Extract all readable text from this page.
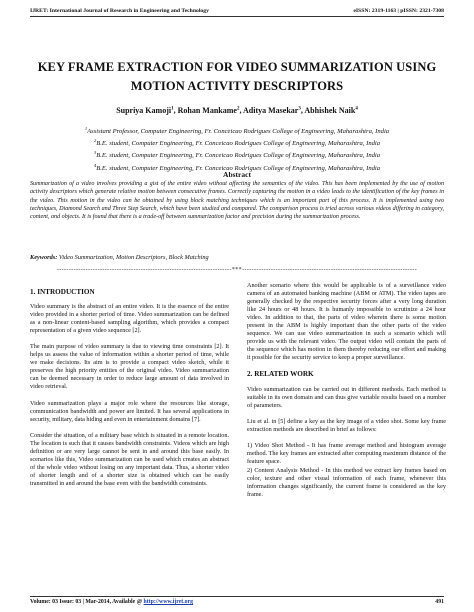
IJRET: International Journal of Research in Engineering and Technology	eISSN: 2319-1163 | pISSN: 2321-7308
KEY FRAME EXTRACTION FOR VIDEO SUMMARIZATION USING
MOTION ACTIVITY DESCRIPTORS
Supriya Kamoji$^1$, Rohan Mankame$^2$, Aditya Masekar$^3$, Abhishek Naik$^4$
$^1$Assistant Professor, Computer Engineering, Fr. Conceicao Rodrigues College of Engineering, Maharashtra, India
$^2$B.E. student, Computer Engineering, Fr. Conceicao Rodrigues College of Engineering, Maharashtra, India
$^3$B.E. student, Computer Engineering, Fr. Conceicao Rodrigues College of Engineering, Maharashtra, India
$^4$B.E. student, Computer Engineering, Fr. Conceicao Rodrigues College of Engineering, Maharashtra, India
Abstract
Summarization of a video involves providing a gist of the entire video without affecting the semantics of the video. This has been implemented by the use of motion activity descriptors which generate relative motion between consecutive frames. Correctly capturing the motion in a video leads to the identification of the key frames in the video. This motion in the video can be obtained by using block matching techniques which is an important part of this process. It is implemented using two techniques, Diamond Search and Three Step Search, which have been studied and compared. The comparison process is tried across various videos differing in category, content, and objects. It is found that there is a trade-off between summarization factor and precision during the summarization process.
Keywords: Video Summarization, Motion Descriptors, Block Matching
-------------------------------------------------------------------------***-------------------------------------------------------------------------
1. INTRODUCTION

Video summary is the abstract of an entire video. It is the essence of the entire video provided in a shorter period of time. Video summarization can be defined as a non-linear content-based sampling algorithm, which provides a compact representation of a given video sequence [2].

The main purpose of video summary is due to viewing time constraints [2]. It helps us assess the value of information within a shorter period of time, while we make decisions. Its aim is to provide a compact video sketch, while it preserves the high priority entities of the original video. Video summarization can be deemed necessary in order to reduce large amount of data involved in video retrieval.

Video summarization plays a major role where the resources like storage, communication bandwidth and power are limited. It has several applications in security, military, data hiding and even in entertainment domains [7].

Consider the situation, of a military base which is situated in a remote location. The location is such that it causes bandwidth constraints. Videos which are high definition or are very large cannot be sent in and around this base easily. In scenarios like this, Video summarization can be used which creates an abstract of the whole video without losing on any important data. Thus, a shorter video of shorter length and of a shorter size is obtained which can be easily transmitted in and around the base even with the bandwidth constraints.

Another scenario where this would be applicable is of a surveillance video camera of an automated banking machine (ABM or ATM). The video tapes are generally checked by the respective security forces after a very long duration like 24 hours or 48 hours. It is humanly impossible to scrutinize a 24 hour video. In addition to that, the parts of video wherein there is some motion present in the ABM is highly important than the other parts of the video sequence. We can use video summarization in such a scenario which will provide us with the relevant video. The output video will contain the parts of the sequence which has motion in them thereby reducing our effort and making it possible for the security service to keep a proper surveillance.

2. RELATED WORK

Video summarization can be carried out in different methods. Each method is suitable in its own domain and can thus give variable results based on a number of parameters.

Liu et al. in [5] define a key as the key image of a video shot. Some key frame extraction methods are described in brief as follows:

1) Video Shot Method - It has frame average method and histogram average method. The key frames are extracted after computing maximum distance of the feature space.

2) Content Analysis Method - In this method we extract key frames based on color, texture and other visual information of each frame, whenever this information changes significantly, the current frame is considered as the key frame.

Volume: 03 Issue: 03 | Mar-2014, Available @ http://www.ijret.org	491
